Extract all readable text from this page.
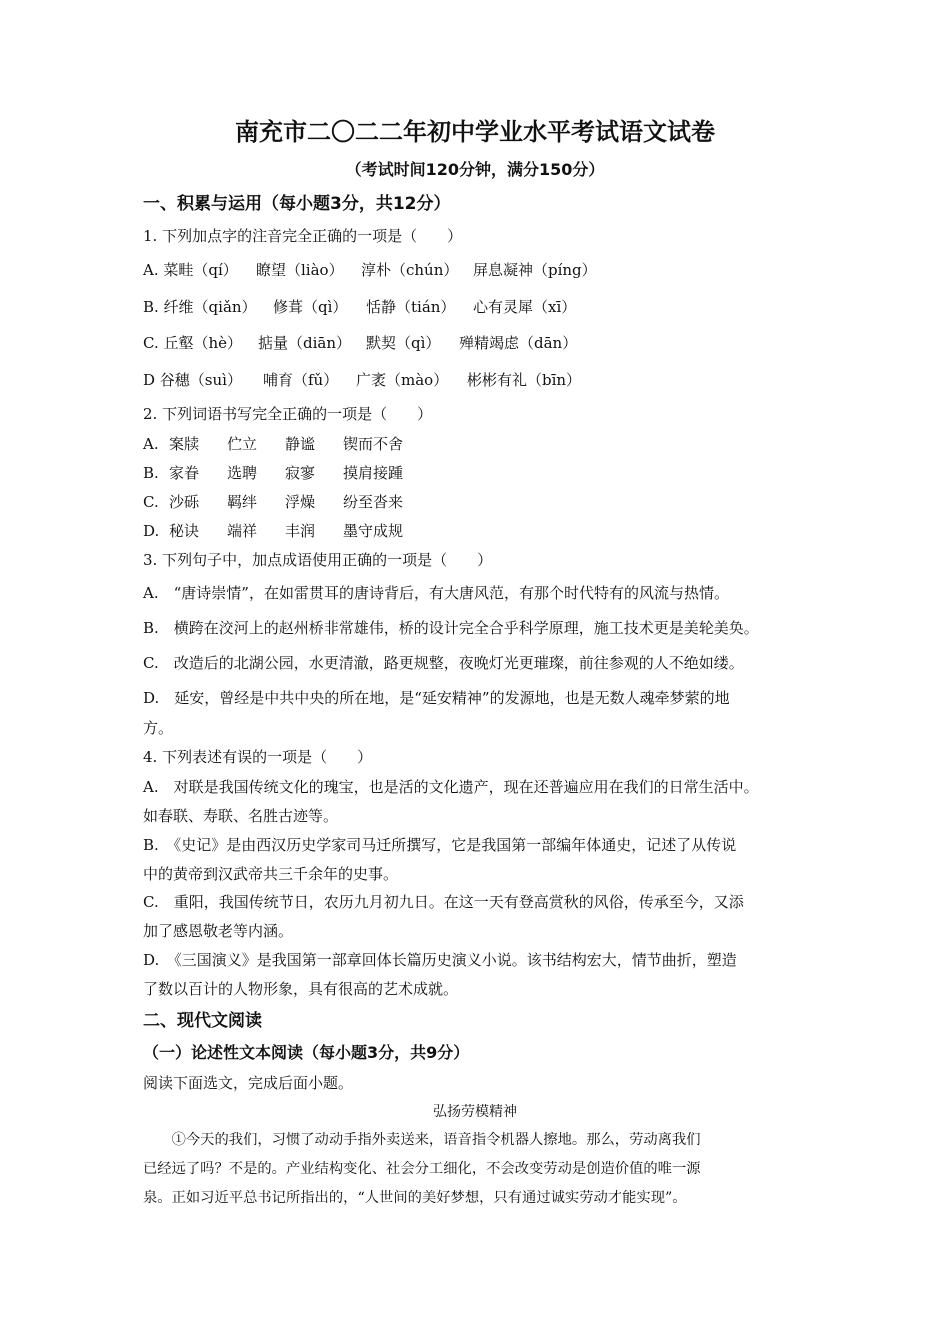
南充市二〇二二年初中学业水平考试语文试卷
（考试时间120分钟，满分150分）
一、积累与运用（每小题3分，共12分）
1. 下列加点字的注音完全正确的一项是（　　）
A. 菜畦（qí） 瞭望（liào） 淳朴（chún） 屏息凝神（píng）
B. 纤维（qiǎn） 修葺（qì） 恬静（tián） 心有灵犀（xī）
C. 丘壑（hè） 掂量（diān） 默契（qì） 殚精竭虑（dān）
D 谷穗（suì） 哺育（fǔ） 广袤（mào） 彬彬有礼（bīn）
2. 下列词语书写完全正确的一项是（　　）
A. 案牍 伫立 静谧 锲而不舍
B. 家眷 选聘 寂寥 摸肩接踵
C. 沙砾 羁绊 浮燥 纷至沓来
D. 秘诀 端祥 丰润 墨守成规
3. 下列句子中，加点成语使用正确的一项是（　　）
A.　“唐诗崇情”，在如雷贯耳的唐诗背后，有大唐风范，有那个时代特有的风流与热情。
B.　横跨在洨河上的赵州桥非常雄伟，桥的设计完全合乎科学原理，施工技术更是美轮美奂。
C.　改造后的北湖公园，水更清澈，路更规整，夜晚灯光更璀璨，前往参观的人不绝如缕。
D.　延安，曾经是中共中央的所在地，是“延安精神”的发源地，也是无数人魂牵梦萦的地
方。
4. 下列表述有误的一项是（　　）
A.　对联是我国传统文化的瑰宝，也是活的文化遗产，现在还普遍应用在我们的日常生活中。
如春联、寿联、名胜古迹等。
B.　《史记》是由西汉历史学家司马迁所撰写，它是我国第一部编年体通史，记述了从传说
中的黄帝到汉武帝共三千余年的史事。
C.　重阳，我国传统节日，农历九月初九日。在这一天有登高赏秋的风俗，传承至今，又添
加了感恩敬老等内涵。
D.　《三国演义》是我国第一部章回体长篇历史演义小说。该书结构宏大，情节曲折，塑造
了数以百计的人物形象，具有很高的艺术成就。
二、现代文阅读
（一）论述性文本阅读（每小题3分，共9分）
阅读下面选文，完成后面小题。
弘扬劳模精神
　　①今天的我们，习惯了动动手指外卖送来，语音指令机器人擦地。那么，劳动离我们
已经远了吗？不是的。产业结构变化、社会分工细化，不会改变劳动是创造价值的唯一源
泉。正如习近平总书记所指出的，“人世间的美好梦想，只有通过诚实劳动才能实现”。
